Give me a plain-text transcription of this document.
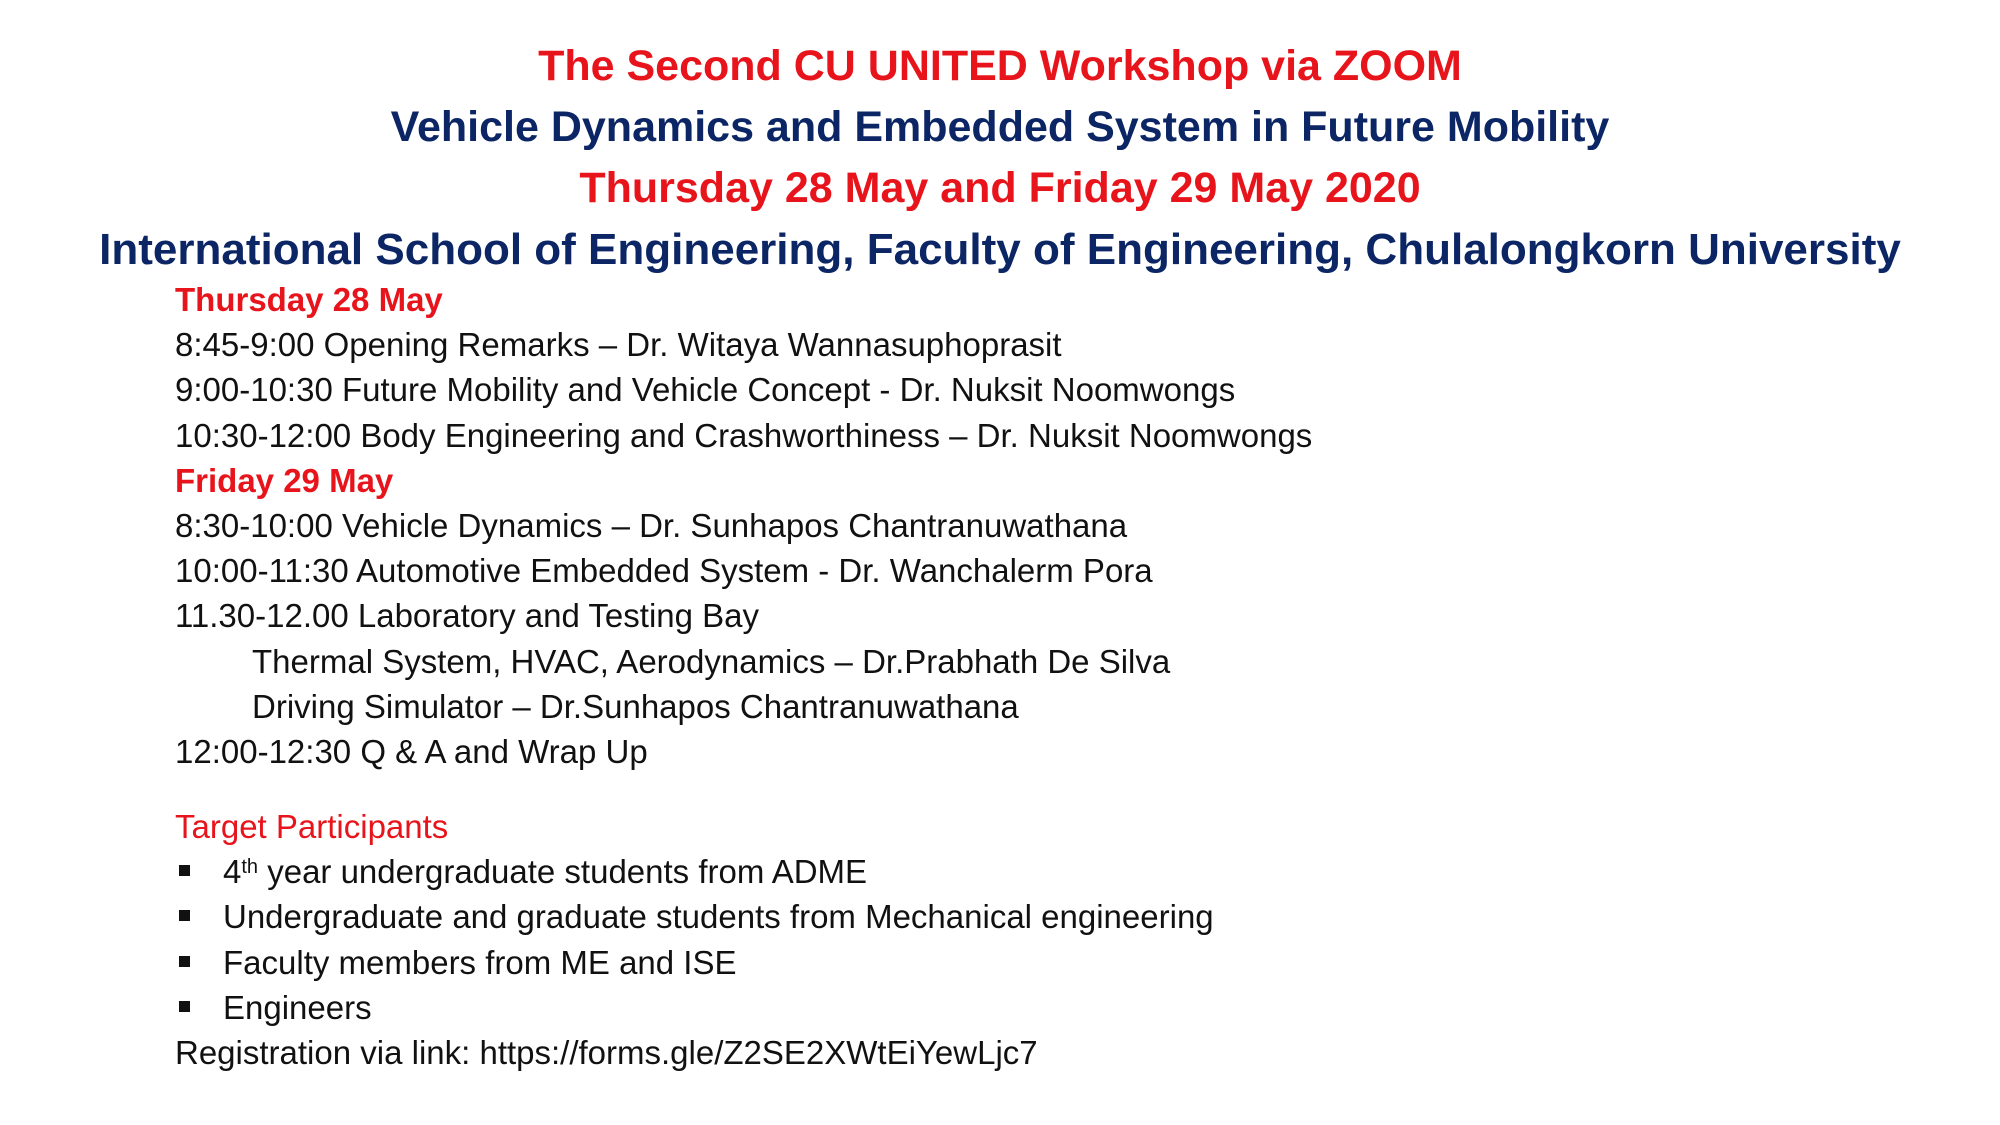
The Second CU UNITED Workshop via ZOOM
Vehicle Dynamics and Embedded System in Future Mobility
Thursday 28 May and Friday 29 May 2020
International School of Engineering, Faculty of Engineering, Chulalongkorn University
Thursday 28 May
8:45-9:00 Opening Remarks – Dr. Witaya Wannasuphoprasit
9:00-10:30 Future Mobility and Vehicle Concept - Dr. Nuksit Noomwongs
10:30-12:00 Body Engineering and Crashworthiness – Dr. Nuksit Noomwongs
Friday 29 May
8:30-10:00 Vehicle Dynamics – Dr. Sunhapos Chantranuwathana
10:00-11:30 Automotive Embedded System - Dr. Wanchalerm Pora
11.30-12.00 Laboratory and Testing Bay
Thermal System, HVAC, Aerodynamics – Dr.Prabhath De Silva
Driving Simulator – Dr.Sunhapos Chantranuwathana
12:00-12:30 Q & A and Wrap Up
Target Participants
4th year undergraduate students from ADME
Undergraduate and graduate students from Mechanical engineering
Faculty members from ME and ISE
Engineers
Registration via link: https://forms.gle/Z2SE2XWtEiYewLjc7
